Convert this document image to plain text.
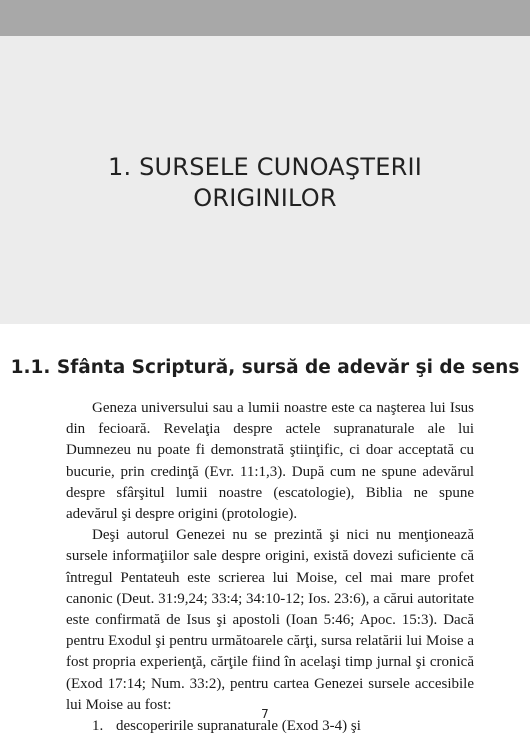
1. SURSELE CUNOAŞTERII
ORIGINILOR
1.1. Sfânta Scriptură, sursă de adevăr şi de sens

Geneza universului sau a lumii noastre este ca naşterea lui Isus din fecioară. Revelaţia despre actele supranaturale ale lui Dumnezeu nu poate fi demonstrată ştiinţific, ci doar acceptată cu bucurie, prin credinţă (Evr. 11:1,3). După cum ne spune adevărul despre sfârşitul lumii noastre (escatologie), Biblia ne spune adevărul şi despre origini (protologie).

Deşi autorul Genezei nu se prezintă şi nici nu menţionează sursele informaţiilor sale despre origini, există dovezi suficiente că întregul Pentateuh este scrierea lui Moise, cel mai mare profet canonic (Deut. 31:9,24; 33:4; 34:10-12; Ios. 23:6), a cărui autoritate este confirmată de Isus şi apostoli (Ioan 5:46; Apoc. 15:3). Dacă pentru Exodul şi pentru următoarele cărţi, sursa relatării lui Moise a fost propria experienţă, cărţile fiind în acelaşi timp jurnal şi cronică (Exod 17:14; Num. 33:2), pentru cartea Genezei sursele accesibile lui Moise au fost:

1. descoperirile supranaturale (Exod 3-4) şi
7
